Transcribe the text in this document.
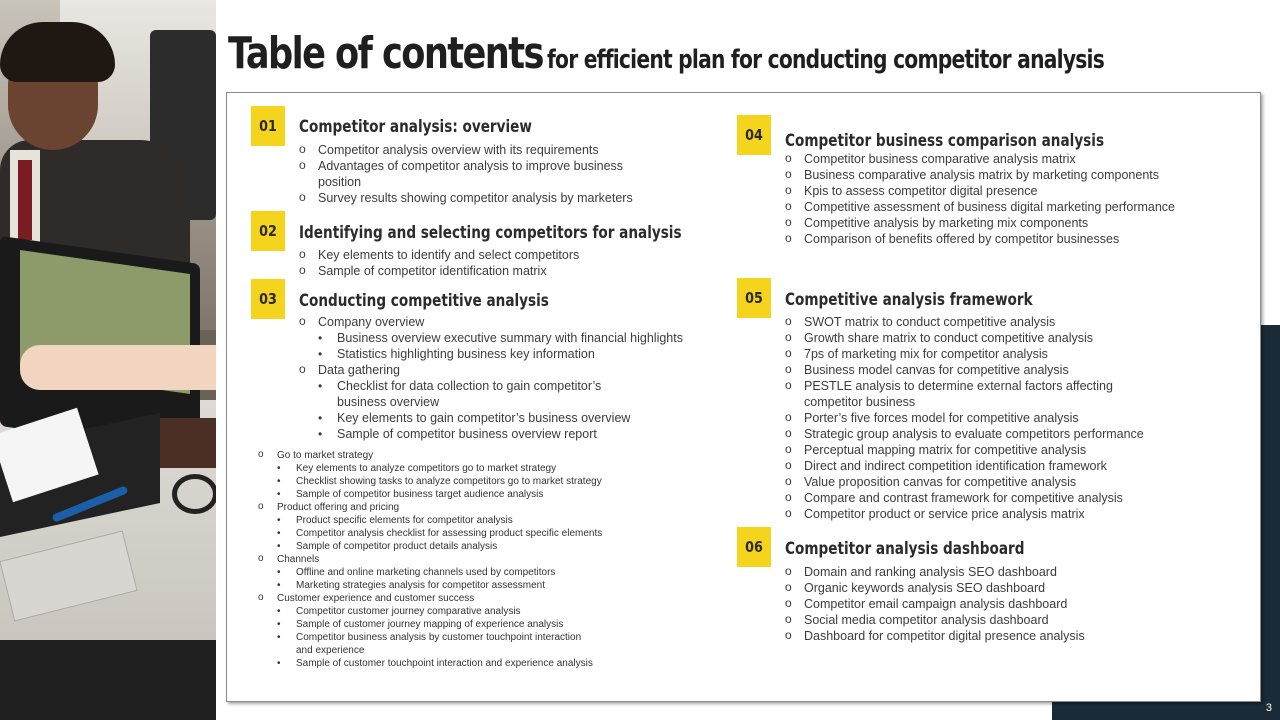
3
Table of contents for efficient plan for conducting competitor analysis
01	Competitor analysis: overview
o Competitor analysis overview with its requirements
o Advantages of competitor analysis to improve business position
o Survey results showing competitor analysis by marketers
02	Identifying and selecting competitors for analysis
o Key elements to identify and select competitors
o Sample of competitor identification matrix
03	Conducting competitive analysis
o Company overview
• Business overview executive summary with financial highlights
• Statistics highlighting business key information
o Data gathering
• Checklist for data collection to gain competitor’s business overview
• Key elements to gain competitor’s business overview
• Sample of competitor business overview report
o Go to market strategy
• Key elements to analyze competitors go to market strategy
• Checklist showing tasks to analyze competitors go to market strategy
• Sample of competitor business target audience analysis
o Product offering and pricing
• Product specific elements for competitor analysis
• Competitor analysis checklist for assessing product specific elements
• Sample of competitor product details analysis
o Channels
• Offline and online marketing channels used by competitors
• Marketing strategies analysis for competitor assessment
o Customer experience and customer success
• Competitor customer journey comparative analysis
• Sample of customer journey mapping of experience analysis
• Competitor business analysis by customer touchpoint interaction
and experience
• Sample of customer touchpoint interaction and experience analysis
04	Competitor business comparison analysis
o Competitor business comparative analysis matrix
o Business comparative analysis matrix by marketing components
o Kpis to assess competitor digital presence
o Competitive assessment of business digital marketing performance
o Competitive analysis by marketing mix components
o Comparison of benefits offered by competitor businesses
05	Competitive analysis framework
o SWOT matrix to conduct competitive analysis
o Growth share matrix to conduct competitive analysis
o 7ps of marketing mix for competitor analysis
o Business model canvas for competitive analysis
o PESTLE analysis to determine external factors affecting competitor business
o Porter’s five forces model for competitive analysis
o Strategic group analysis to evaluate competitors performance
o Perceptual mapping matrix for competitive analysis
o Direct and indirect competition identification framework
o Value proposition canvas for competitive analysis
o Compare and contrast framework for competitive analysis
o Competitor product or service price analysis matrix
06	Competitor analysis dashboard
o Domain and ranking analysis SEO dashboard
o Organic keywords analysis SEO dashboard
o Competitor email campaign analysis dashboard
o Social media competitor analysis dashboard
o Dashboard for competitor digital presence analysis
